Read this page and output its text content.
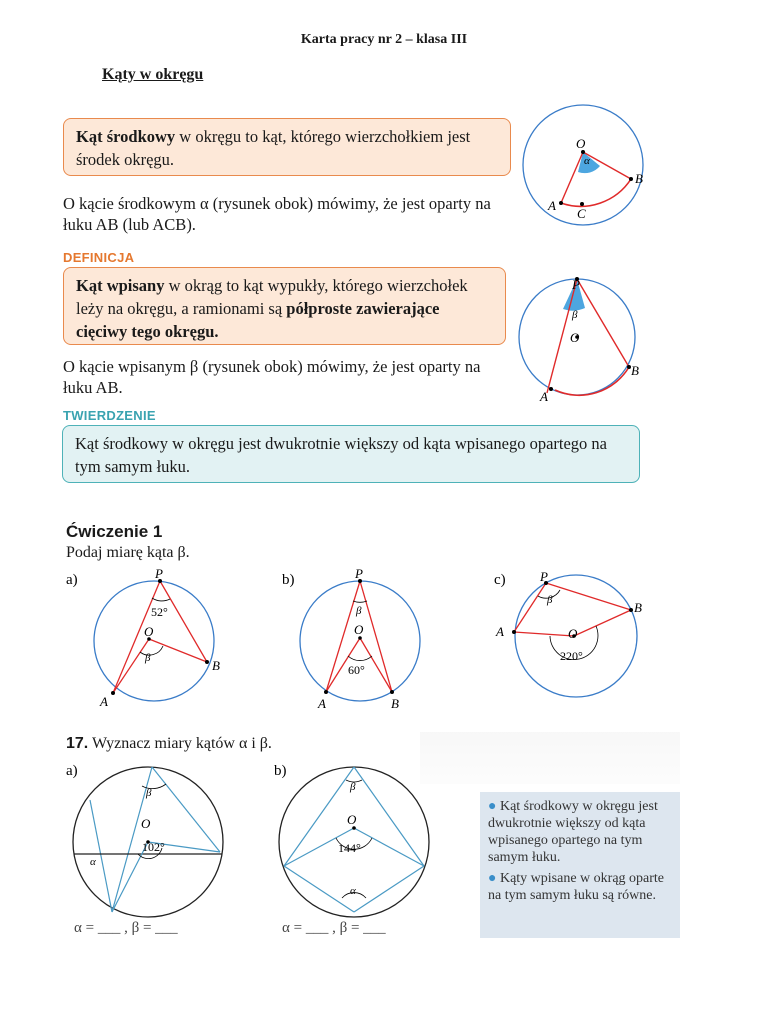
Karta pracy nr 2 – klasa III
Kąty w okręgu
Kąt środkowy w okręgu to kąt, którego wierzchołkiem jest środek okręgu.
O kącie środkowym α (rysunek obok) mówimy, że jest oparty na łuku AB (lub ACB).
O
α
A
B
C
DEFINICJA
Kąt wpisany w okrąg to kąt wypukły, którego wierzchołek leży na okręgu, a ramionami są półproste zawierające cięciwy tego okręgu.
O kącie wpisanym β (rysunek obok) mówimy, że jest oparty na łuku AB.
P
β
O
A
B
TWIERDZENIE
Kąt środkowy w okręgu jest dwukrotnie większy od kąta wpisanego opartego na tym samym łuku.
Ćwiczenie 1
Podaj miarę kąta β.
a)	P
52°
O
β
A
B
b)	P
β
O
60°
A	B
c)	P
β
O
220°
A
B
17. Wyznacz miary kątów α i β.
a)
β
O
102°
α
b)
β
O
144°
α
α = ___ , β = ___	α = ___ , β = ___
● Kąt środkowy w okręgu jest dwukrotnie większy od kąta wpisanego opartego na tym samym łuku.
● Kąty wpisane w okrąg oparte na tym samym łuku są równe.
